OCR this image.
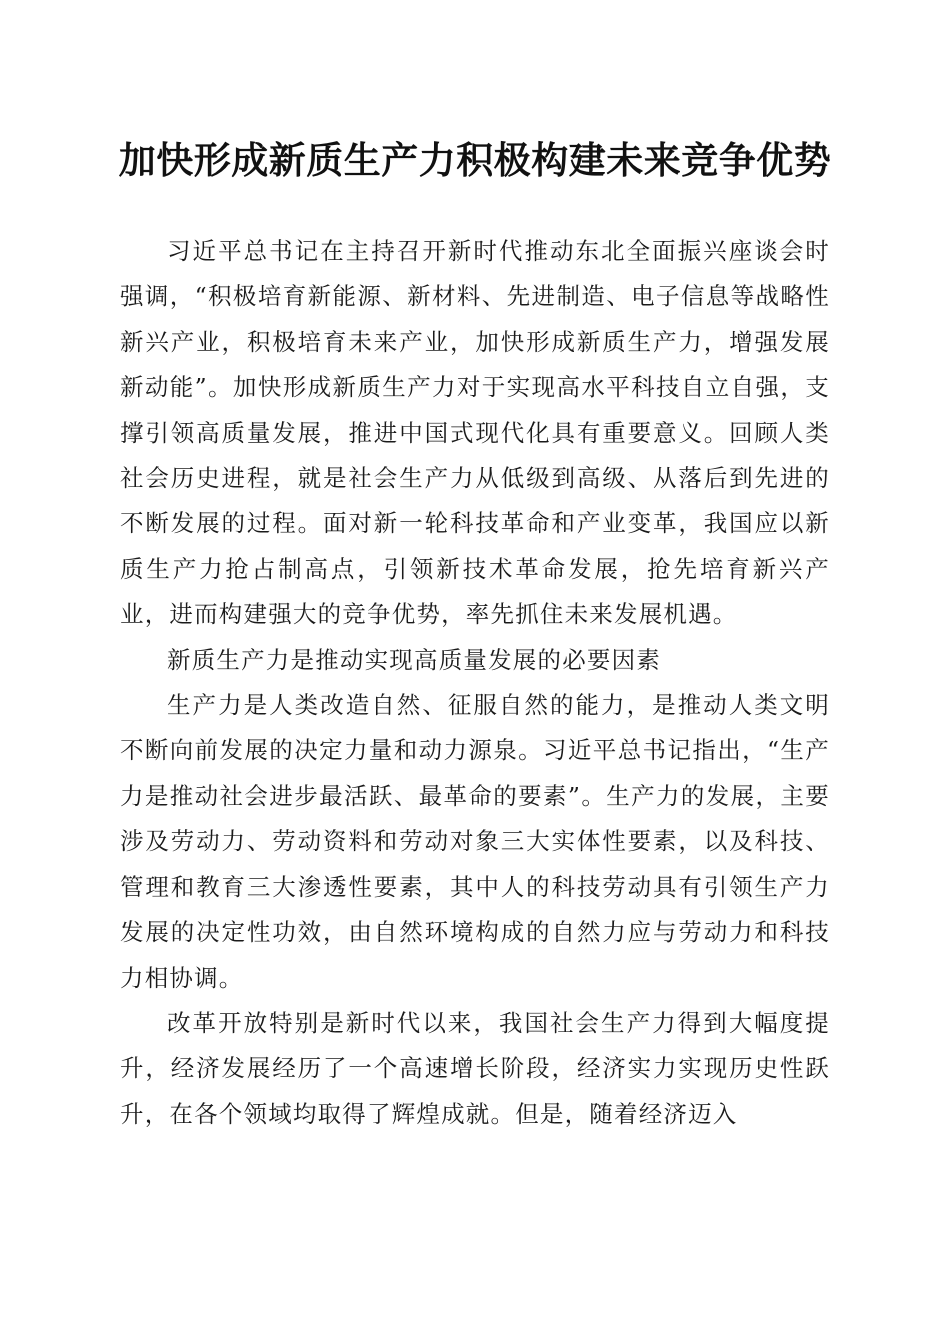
加快形成新质生产力积极构建未来竞争优势

习近平总书记在主持召开新时代推动东北全面振兴座谈会时强调，“积极培育新能源、新材料、先进制造、电子信息等战略性新兴产业，积极培育未来产业，加快形成新质生产力，增强发展新动能”。加快形成新质生产力对于实现高水平科技自立自强，支撑引领高质量发展，推进中国式现代化具有重要意义。回顾人类社会历史进程，就是社会生产力从低级到高级、从落后到先进的不断发展的过程。面对新一轮科技革命和产业变革，我国应以新质生产力抢占制高点，引领新技术革命发展，抢先培育新兴产业，进而构建强大的竞争优势，率先抓住未来发展机遇。

新质生产力是推动实现高质量发展的必要因素

生产力是人类改造自然、征服自然的能力，是推动人类文明不断向前发展的决定力量和动力源泉。习近平总书记指出，“生产力是推动社会进步最活跃、最革命的要素”。生产力的发展，主要涉及劳动力、劳动资料和劳动对象三大实体性要素，以及科技、管理和教育三大渗透性要素，其中人的科技劳动具有引领生产力发展的决定性功效，由自然环境构成的自然力应与劳动力和科技力相协调。

改革开放特别是新时代以来，我国社会生产力得到大幅度提升，经济发展经历了一个高速增长阶段，经济实力实现历史性跃升，在各个领域均取得了辉煌成就。但是，随着经济迈入
